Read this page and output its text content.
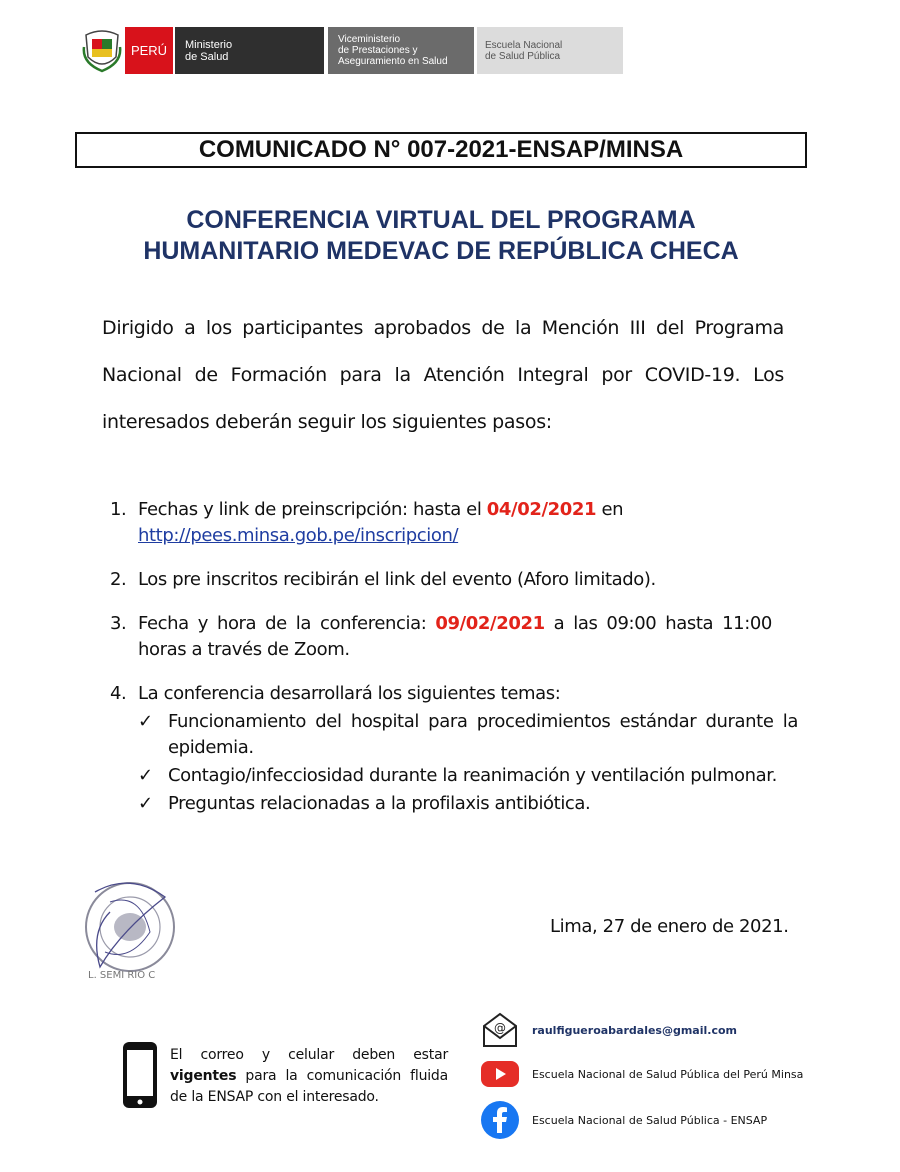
PERÚ Ministerio
de Salud
Viceministerio
de Prestaciones y
Aseguramiento en Salud
Escuela Nacional
de Salud Pública
COMUNICADO N° 007-2021-ENSAP/MINSA
CONFERENCIA VIRTUAL DEL PROGRAMA
HUMANITARIO MEDEVAC DE REPÚBLICA CHECA
Dirigido a los participantes aprobados de la Mención III del Programa Nacional de Formación para la Atención Integral por COVID-19. Los interesados deberán seguir los siguientes pasos:
1. Fechas y link de preinscripción: hasta el 04/02/2021 en
http://pees.minsa.gob.pe/inscripcion/
2. Los pre inscritos recibirán el link del evento (Aforo limitado).
3. Fecha y hora de la conferencia: 09/02/2021 a las 09:00 hasta 11:00 horas a través de Zoom.
4. La conferencia desarrollará los siguientes temas:
✓ Funcionamiento del hospital para procedimientos estándar durante la epidemia.
✓ Contagio/infecciosidad durante la reanimación y ventilación pulmonar.
✓ Preguntas relacionadas a la profilaxis antibiótica.
L. SEMI RIO C
Lima, 27 de enero de 2021.
El correo y celular deben estar vigentes para la comunicación fluida de la ENSAP con el interesado.
@ raulfigueroabardales@gmail.com
Escuela Nacional de Salud Pública del Perú Minsa
Escuela Nacional de Salud Pública - ENSAP
